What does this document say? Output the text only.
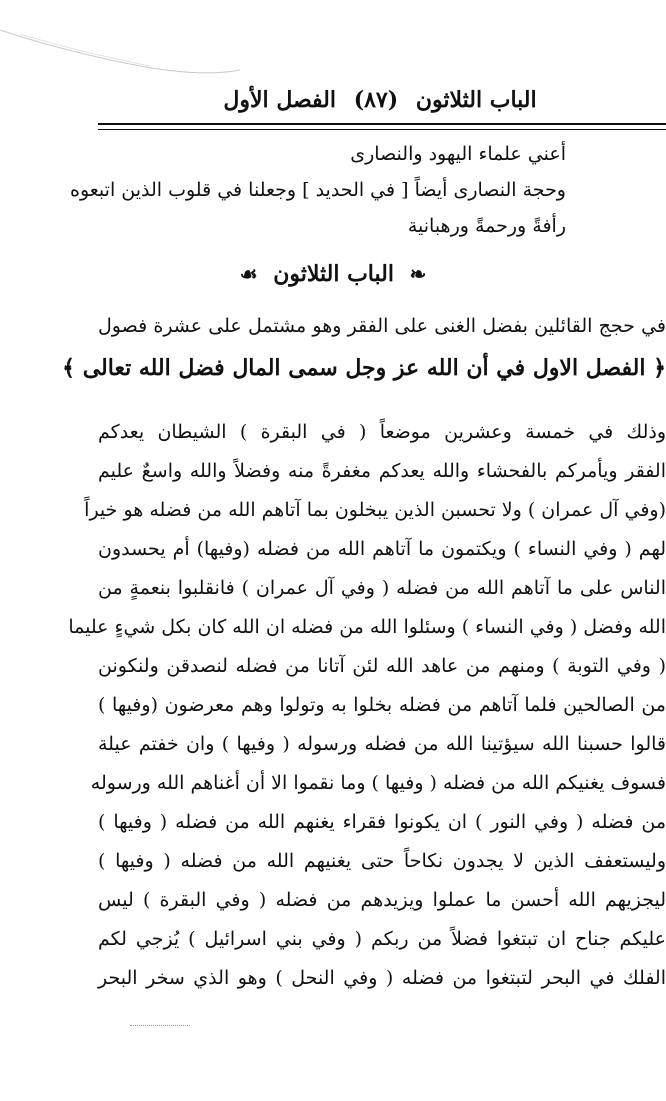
الباب الثلاثون (٨٧) الفصل الأول
أعني علماء اليهود والنصارى
وحجة النصارى أيضاً [ في الحديد ] وجعلنا في قلوب الذين اتبعوه
رأفةً ورحمةً ورهبانية
❧ الباب الثلاثون ☙
في حجج القائلين بفضل الغنى على الفقر وهو مشتمل على عشرة فصول
﴿ الفصل الاول في أن الله عز وجل سمى المال فضل الله تعالى ﴾
وذلك في خمسة وعشرين موضعاً ( في البقرة ) الشيطان يعدكم
الفقر ويأمركم بالفحشاء والله يعدكم مغفرةً منه وفضلاً والله واسعٌ عليم
(وفي آل عمران ) ولا تحسبن الذين يبخلون بما آتاهم الله من فضله هو خيراً
لهم ( وفي النساء ) ويكتمون ما آتاهم الله من فضله (وفيها) أم يحسدون
الناس على ما آتاهم الله من فضله ( وفي آل عمران ) فانقلبوا بنعمةٍ من
الله وفضل ( وفي النساء ) وسئلوا الله من فضله ان الله كان بكل شيءٍ عليما
( وفي التوبة ) ومنهم من عاهد الله لئن آتانا من فضله لنصدقن ولنكونن
من الصالحين فلما آتاهم من فضله بخلوا به وتولوا وهم معرضون (وفيها )
قالوا حسبنا الله سيؤتينا الله من فضله ورسوله ( وفيها ) وان خفتم عيلة
فسوف يغنيكم الله من فضله ( وفيها ) وما نقموا الا أن أغناهم الله ورسوله
من فضله ( وفي النور ) ان يكونوا فقراء يغنهم الله من فضله ( وفيها )
وليستعفف الذين لا يجدون نكاحاً حتى يغنيهم الله من فضله ( وفيها )
ليجزيهم الله أحسن ما عملوا ويزيدهم من فضله ( وفي البقرة ) ليس
عليكم جناح ان تبتغوا فضلاً من ربكم ( وفي بني اسرائيل ) يُزجي لكم
الفلك في البحر لتبتغوا من فضله ( وفي النحل ) وهو الذي سخر البحر
